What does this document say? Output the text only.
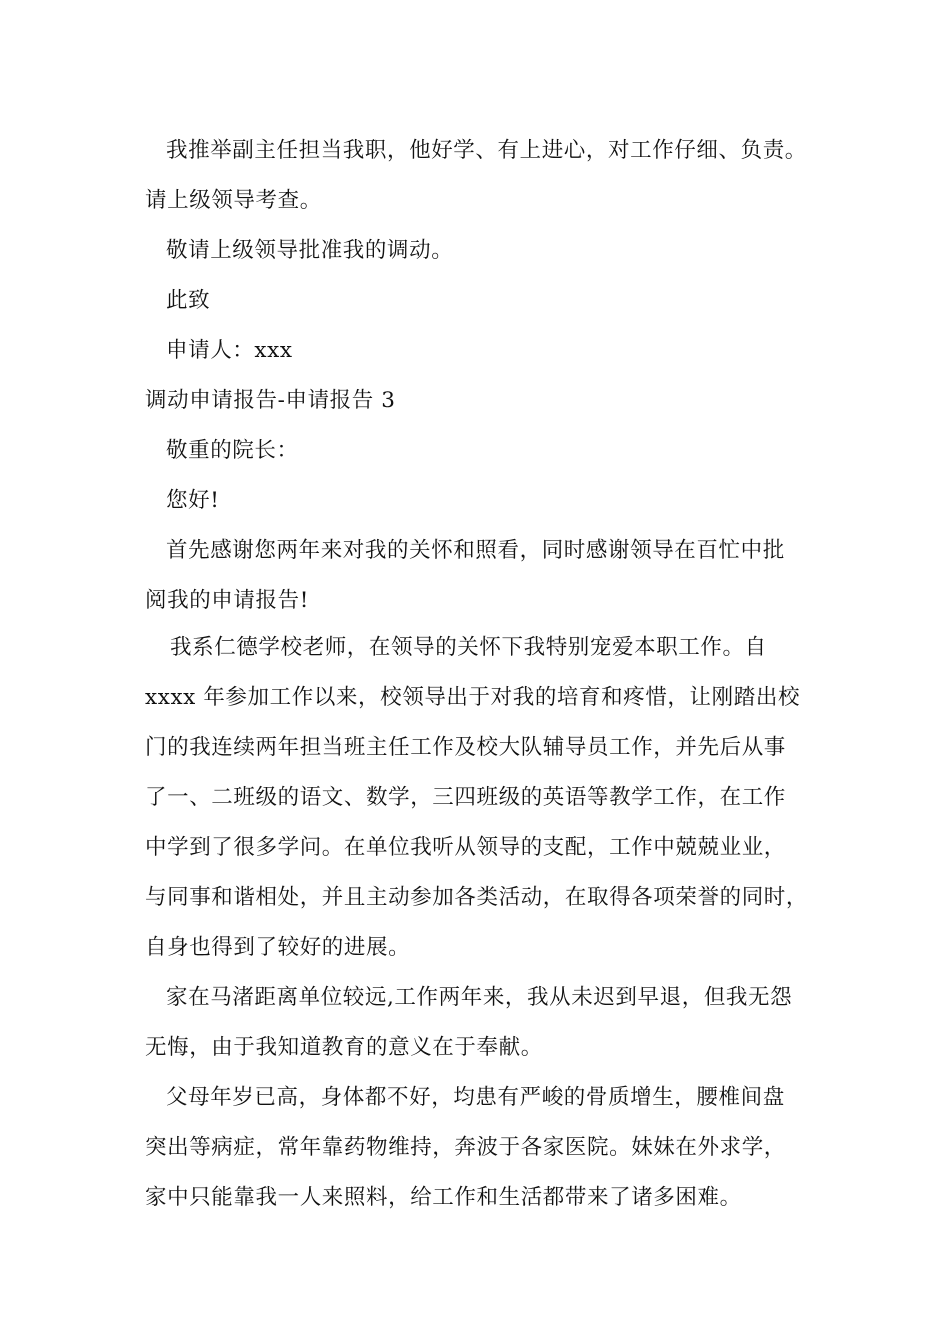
我推举副主任担当我职，他好学、有上进心，对工作仔细、负责。
请上级领导考查。
敬请上级领导批准我的调动。
此致
申请人：xxx
调动申请报告-申请报告 3
敬重的院长：
您好!
首先感谢您两年来对我的关怀和照看，同时感谢领导在百忙中批
阅我的申请报告!
我系仁德学校老师，在领导的关怀下我特别宠爱本职工作。自
xxxx 年参加工作以来，校领导出于对我的培育和疼惜，让刚踏出校
门的我连续两年担当班主任工作及校大队辅导员工作，并先后从事
了一、二班级的语文、数学，三四班级的英语等教学工作，在工作
中学到了很多学问。在单位我听从领导的支配，工作中兢兢业业，
与同事和谐相处，并且主动参加各类活动，在取得各项荣誉的同时，
自身也得到了较好的进展。
家在马渚距离单位较远,工作两年来，我从未迟到早退，但我无怨
无悔，由于我知道教育的意义在于奉献。
父母年岁已高，身体都不好，均患有严峻的骨质增生，腰椎间盘
突出等病症，常年靠药物维持，奔波于各家医院。妹妹在外求学，
家中只能靠我一人来照料，给工作和生活都带来了诸多困难。
